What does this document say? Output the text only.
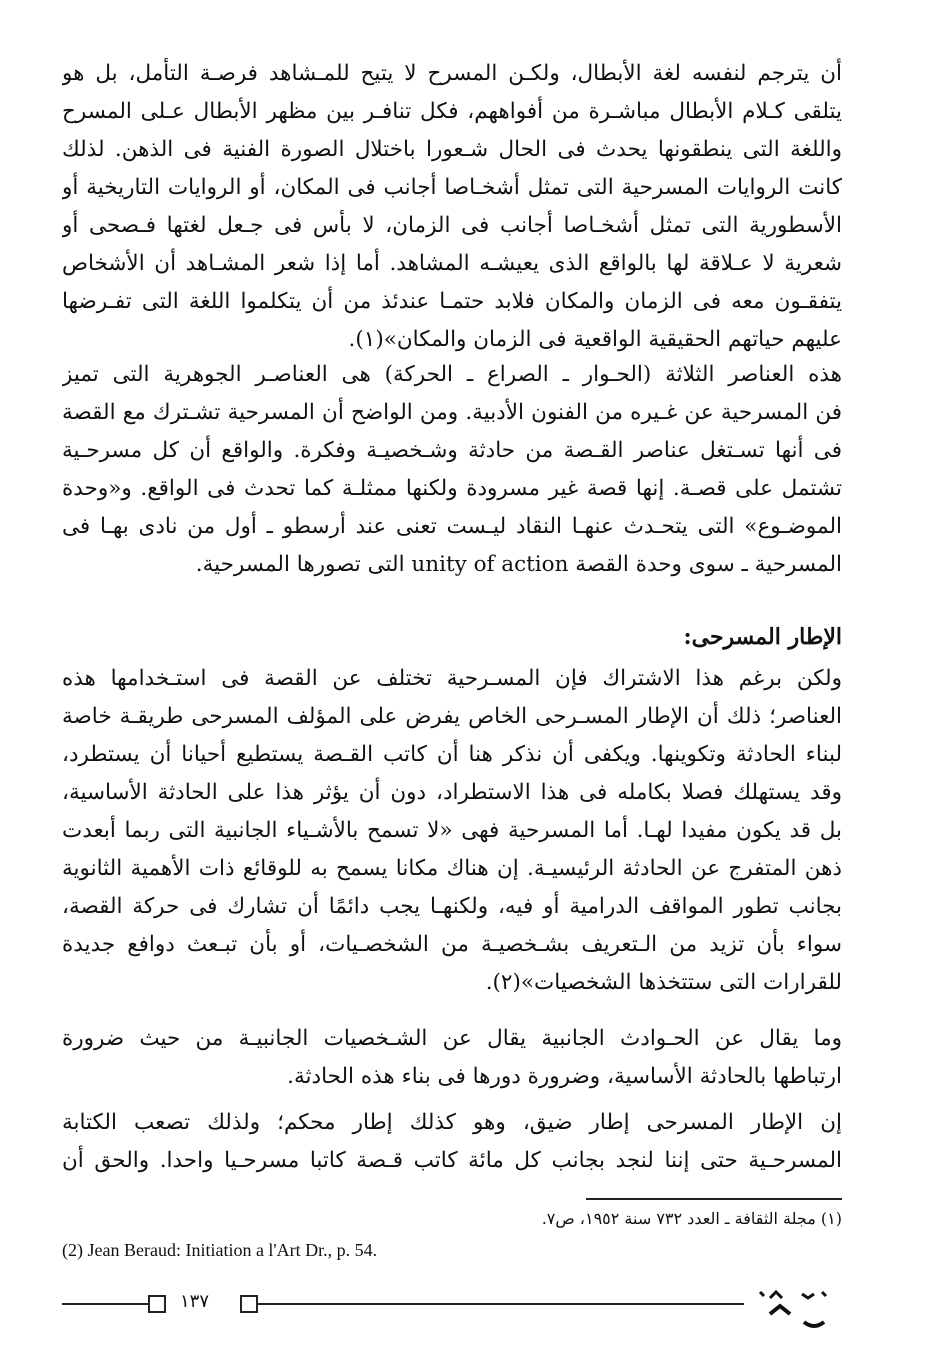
أن يترجم لنفسه لغة الأبطال، ولكـن المسرح لا يتيح للمـشاهد فرصـة التأمل، بل هو
يتلقى كـلام الأبطال مباشـرة من أفواههم، فكل تنافـر بين مظهر الأبطال عـلى المسرح
واللغة التى ينطقونها يحدث فى الحال شـعورا باختلال الصورة الفنية فى الذهن. لذلك
كانت الروايات المسرحية التى تمثل أشخـاصا أجانب فى المكان، أو الروايات التاريخية أو
الأسطورية التى تمثل أشخـاصا أجانب فى الزمان، لا بأس فى جـعل لغتها فـصحى أو
شعرية لا عـلاقة لها بالواقع الذى يعيشـه المشاهد. أما إذا شعر المشـاهد أن الأشخاص
يتفقـون معه فى الزمان والمكان فلابد حتمـا عندئذ من أن يتكلموا اللغة التى تفـرضها
عليهم حياتهم الحقيقية الواقعية فى الزمان والمكان»(١).
هذه العناصر الثلاثة (الحـوار ـ الصراع ـ الحركة) هى العناصـر الجوهرية التى تميز
فن المسرحية عن غـيره من الفنون الأدبية. ومن الواضح أن المسرحية تشـترك مع القصة
فى أنها تسـتغل عناصر القـصة من حادثة وشـخصيـة وفكرة. والواقع أن كل مسرحـية
تشتمل على قصـة. إنها قصة غير مسرودة ولكنها ممثلـة كما تحدث فى الواقع. و«وحدة
الموضـوع» التى يتحـدث عنهـا النقاد ليـست تعنى عند أرسطو ـ أول من نادى بهـا فى
المسرحية ـ سوى وحدة القصة unity of action التى تصورها المسرحية.
الإطار المسرحى:
ولكن برغم هذا الاشتراك فإن المسـرحية تختلف عن القصة فى استـخدامها هذه
العناصر؛ ذلك أن الإطار المسـرحى الخاص يفرض على المؤلف المسرحى طريقـة خاصة
لبناء الحادثة وتكوينها. ويكفى أن نذكر هنا أن كاتب القـصة يستطيع أحيانا أن يستطرد،
وقد يستهلك فصلا بكامله فى هذا الاستطراد، دون أن يؤثر هذا على الحادثة الأساسية،
بل قد يكون مفيدا لهـا. أما المسرحية فهى «لا تسمح بالأشـياء الجانبية التى ربما أبعدت
ذهن المتفرج عن الحادثة الرئيسيـة. إن هناك مكانا يسمح به للوقائع ذات الأهمية الثانوية
بجانب تطور المواقف الدرامية أو فيه، ولكنهـا يجب دائمًا أن تشارك فى حركة القصة،
سواء بأن تزيد من الـتعريف بشـخصيـة من الشخصـيات، أو بأن تبـعث دوافع جديدة
للقرارات التى ستتخذها الشخصيات»(٢).
وما يقال عن الحـوادث الجانبية يقال عن الشـخصيات الجانبيـة من حيث ضرورة
ارتباطها بالحادثة الأساسية، وضرورة دورها فى بناء هذه الحادثة.
إن الإطار المسرحى إطار ضيق، وهو كذلك إطار محكم؛ ولذلك تصعب الكتابة
المسرحـية حتى إننا لنجد بجانب كل مائة كاتب قـصة كاتبا مسرحـيا واحدا. والحق أن
(١) مجلة الثقافة ـ العدد ٧٣٢ سنة ١٩٥٢، ص٧.
(2) Jean Beraud: Initiation a l'Art Dr., p. 54.
١٣٧
